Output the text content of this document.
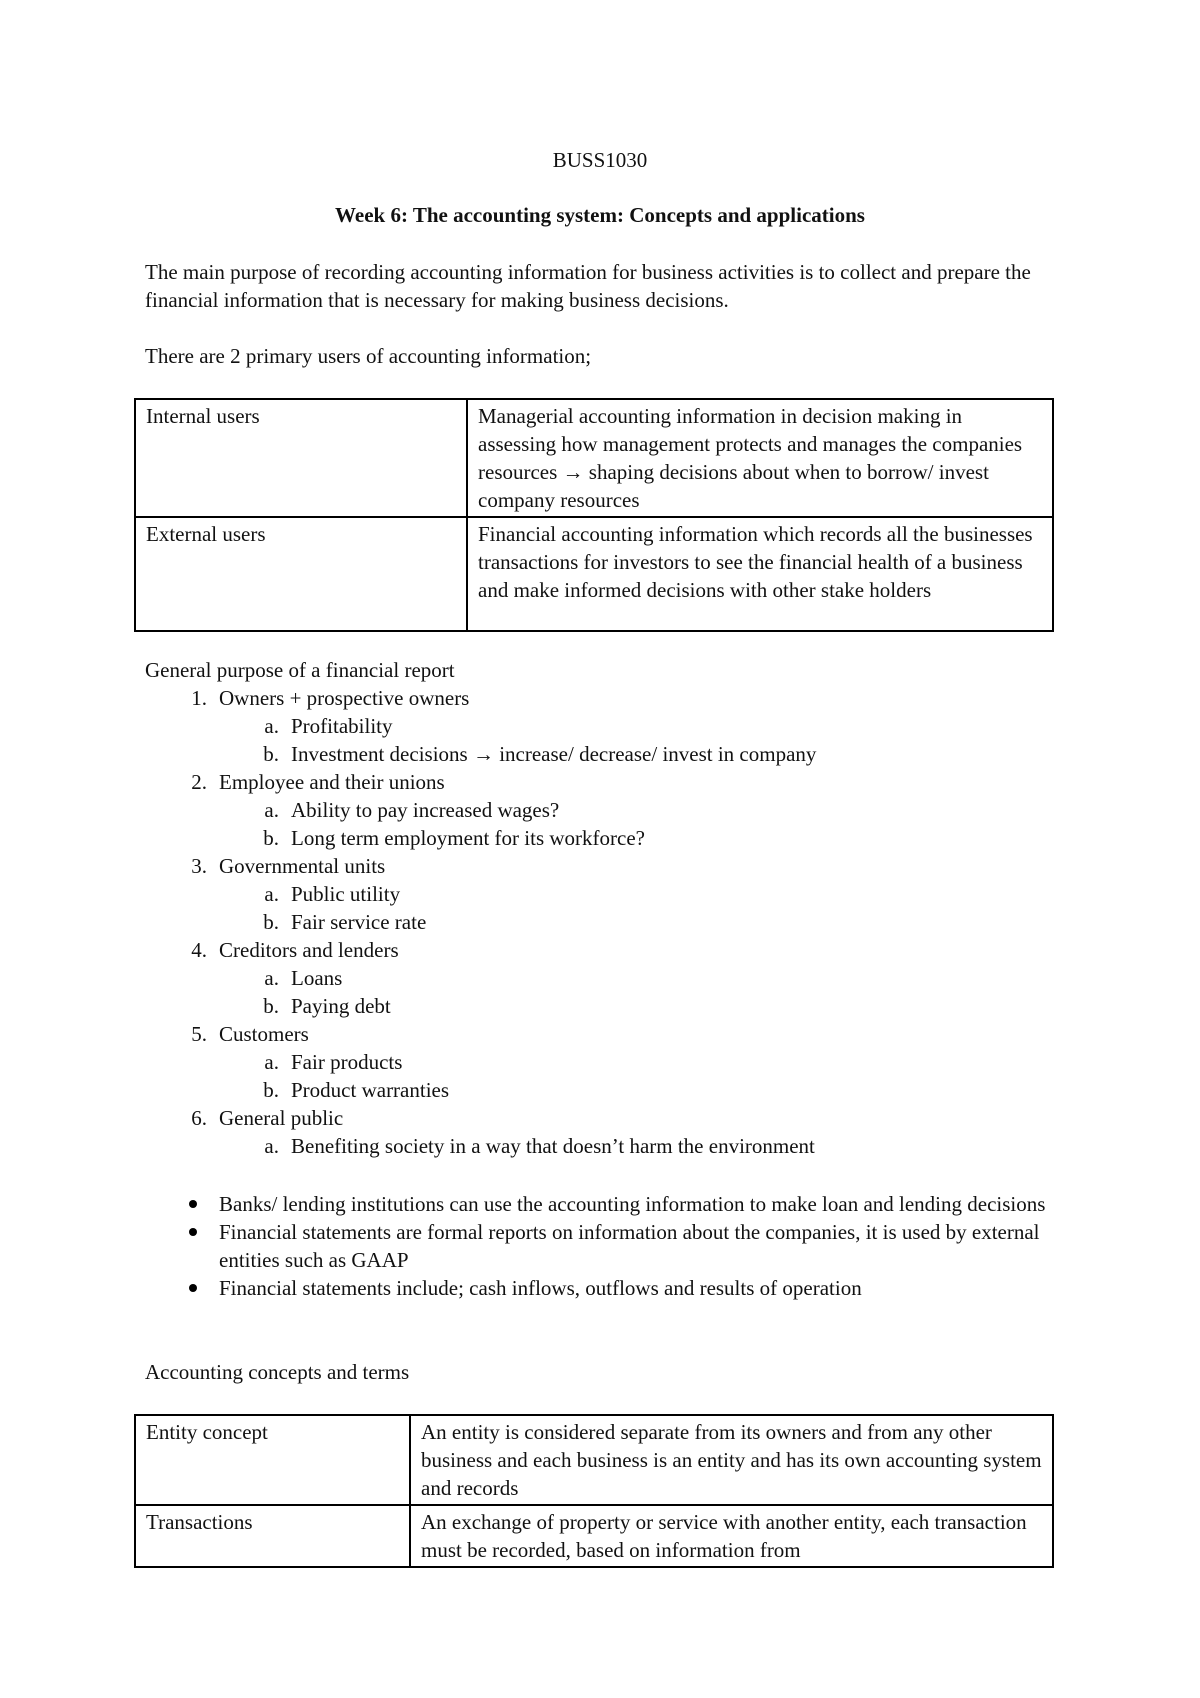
BUSS1030
Week 6: The accounting system: Concepts and applications
The main purpose of recording accounting information for business activities is to collect and prepare the financial information that is necessary for making business decisions.
There are 2 primary users of accounting information;
Internal users	Managerial accounting information in decision making in assessing how management protects and manages the companies resources → shaping decisions about when to borrow/ invest company resources
External users	Financial accounting information which records all the businesses transactions for investors to see the financial health of a business and make informed decisions with other stake holders
General purpose of a financial report
1. Owners + prospective owners
a. Profitability
b. Investment decisions → increase/ decrease/ invest in company
2. Employee and their unions
a. Ability to pay increased wages?
b. Long term employment for its workforce?
3. Governmental units
a. Public utility
b. Fair service rate
4. Creditors and lenders
a. Loans
b. Paying debt
5. Customers
a. Fair products
b. Product warranties
6. General public
a. Benefiting society in a way that doesn’t harm the environment
Banks/ lending institutions can use the accounting information to make loan and lending decisions
Financial statements are formal reports on information about the companies, it is used by external entities such as GAAP
Financial statements include; cash inflows, outflows and results of operation
Accounting concepts and terms
Entity concept	An entity is considered separate from its owners and from any other business and each business is an entity and has its own accounting system and records
Transactions	An exchange of property or service with another entity, each transaction must be recorded, based on information from
